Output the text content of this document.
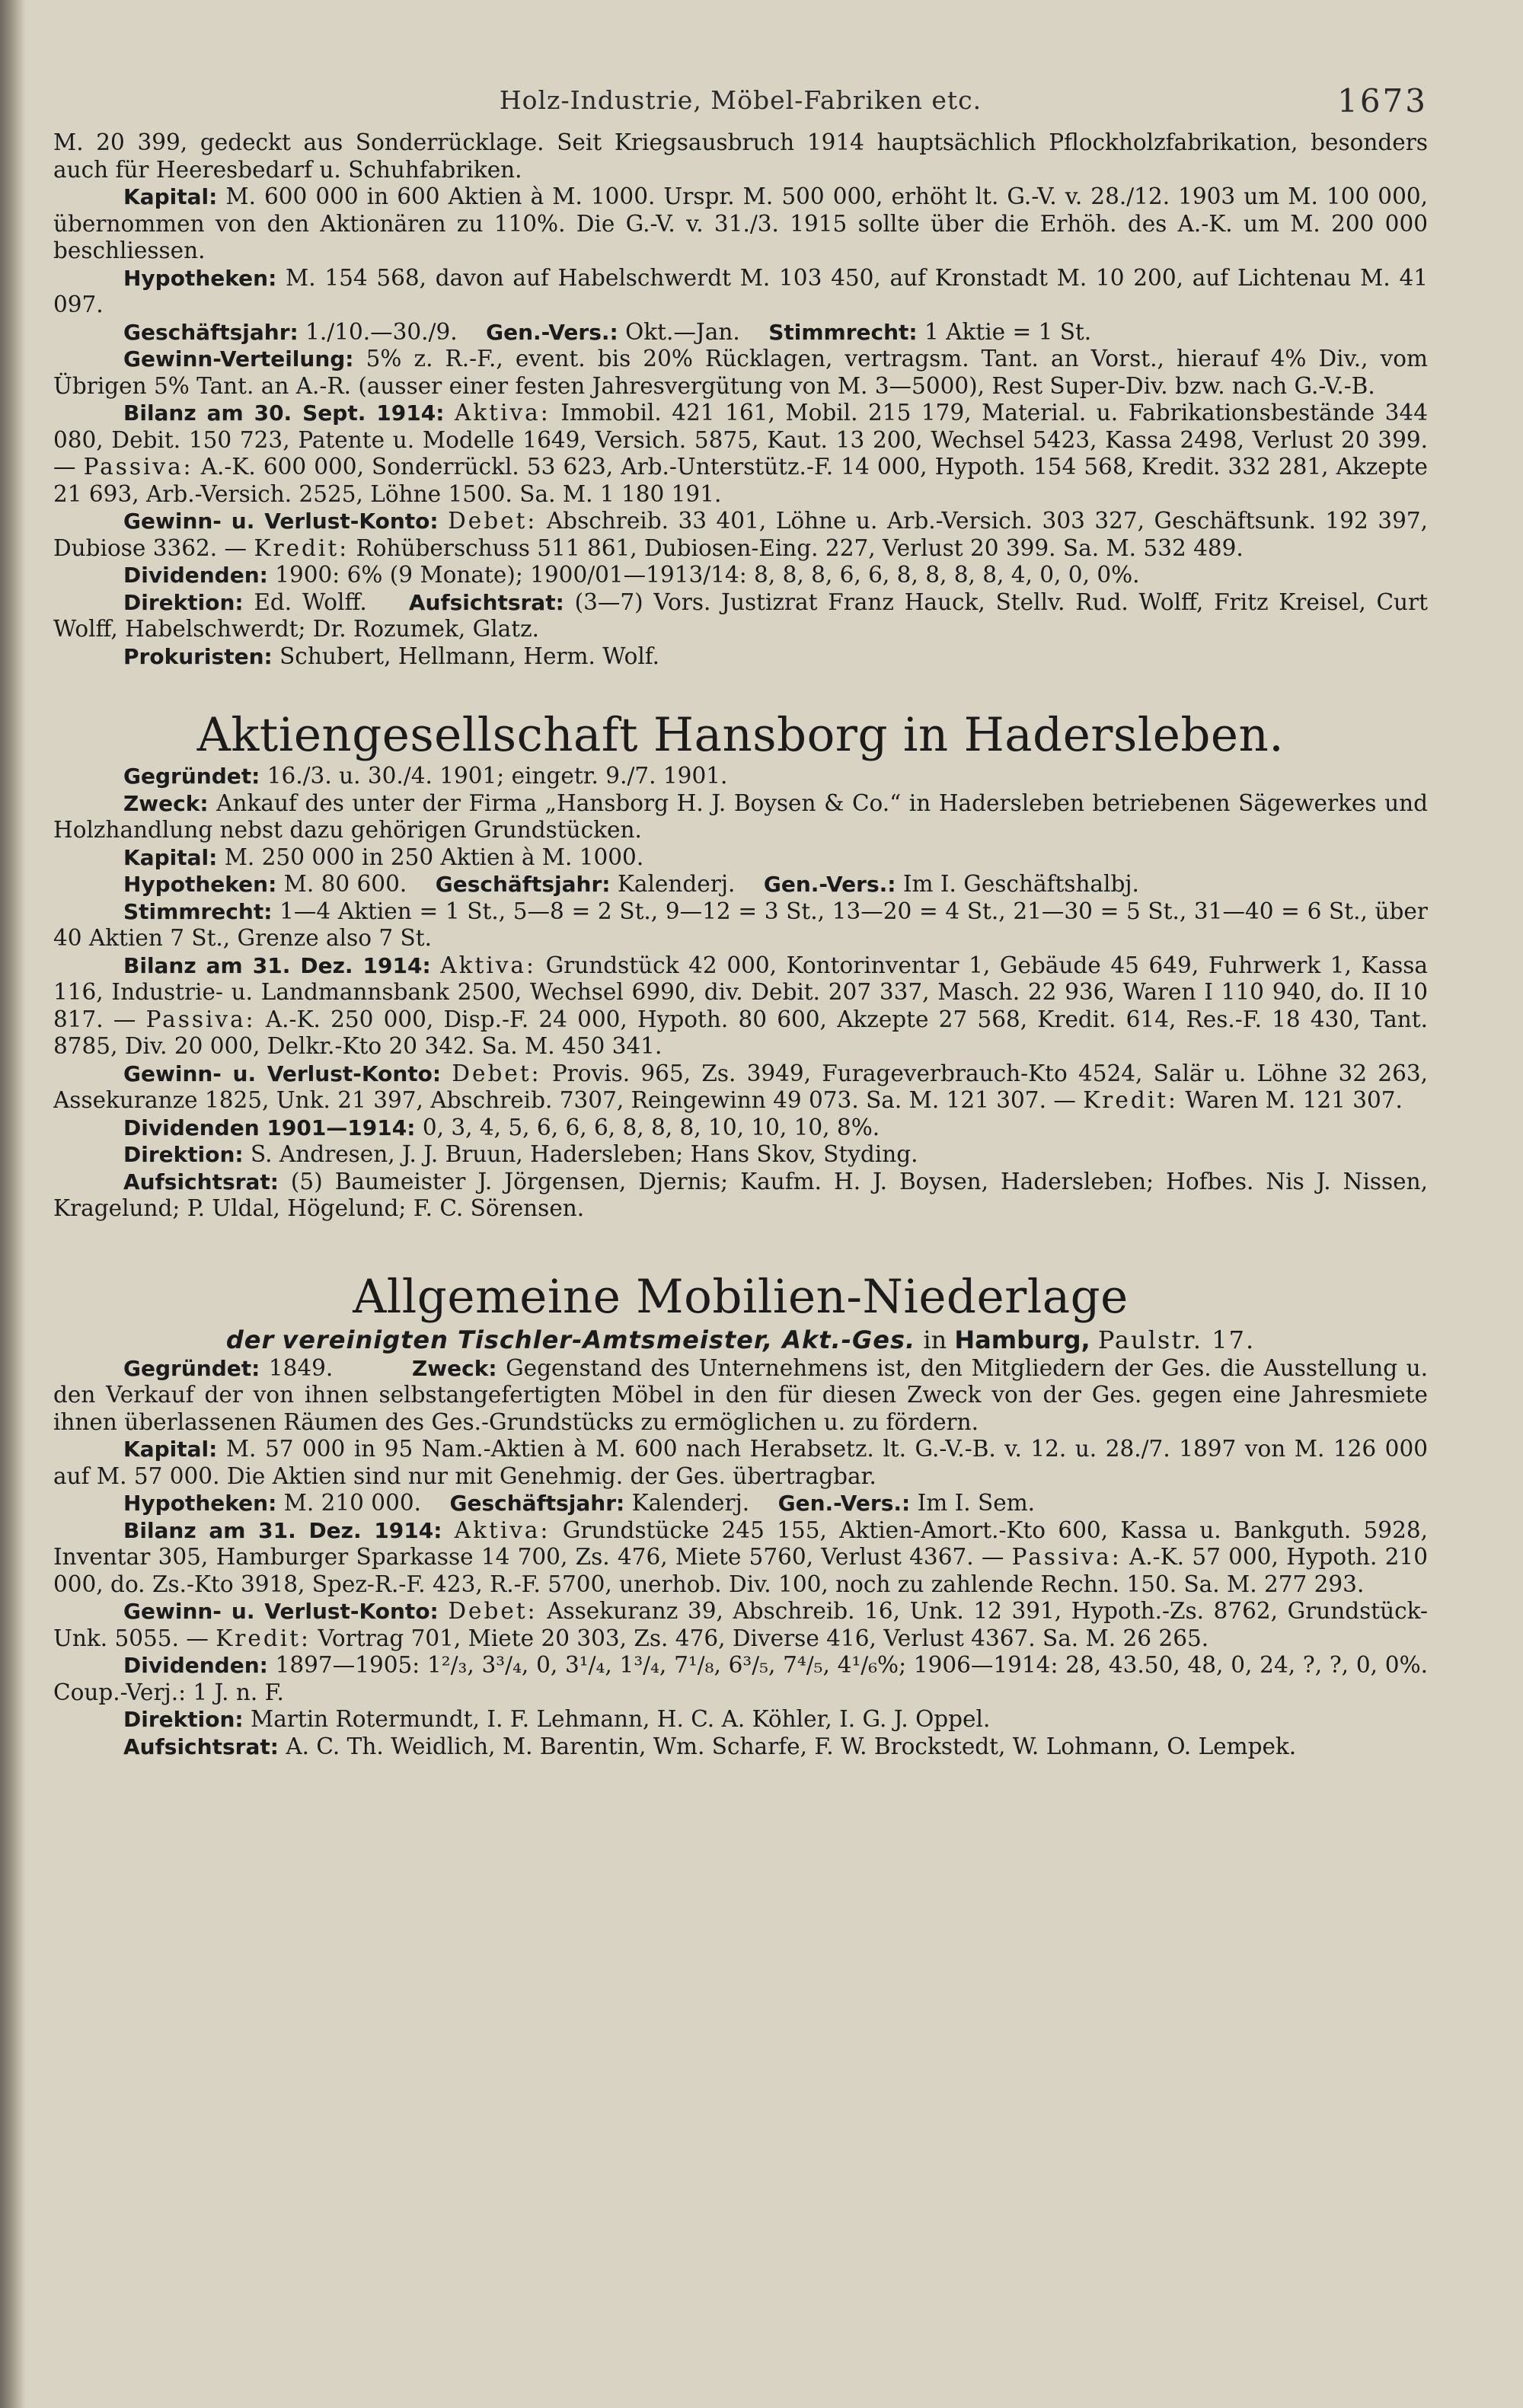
Holz-Industrie, Möbel-Fabriken etc.	1673

M. 20 399, gedeckt aus Sonderrücklage. Seit Kriegsausbruch 1914 hauptsächlich Pflockholzfabrikation, besonders auch für Heeresbedarf u. Schuhfabriken.

Kapital: M. 600 000 in 600 Aktien à M. 1000. Urspr. M. 500 000, erhöht lt. G.-V. v. 28./12. 1903 um M. 100 000, übernommen von den Aktionären zu 110%. Die G.-V. v. 31./3. 1915 sollte über die Erhöh. des A.-K. um M. 200 000 beschliessen.

Hypotheken: M. 154 568, davon auf Habelschwerdt M. 103 450, auf Kronstadt M. 10 200, auf Lichtenau M. 41 097.

Geschäftsjahr: 1./10.—30./9. Gen.-Vers.: Okt.—Jan. Stimmrecht: 1 Aktie = 1 St.

Gewinn-Verteilung: 5% z. R.-F., event. bis 20% Rücklagen, vertragsm. Tant. an Vorst., hierauf 4% Div., vom Übrigen 5% Tant. an A.-R. (ausser einer festen Jahresvergütung von M. 3—5000), Rest Super-Div. bzw. nach G.-V.-B.

Bilanz am 30. Sept. 1914: Aktiva: Immobil. 421 161, Mobil. 215 179, Material. u. Fabrikationsbestände 344 080, Debit. 150 723, Patente u. Modelle 1649, Versich. 5875, Kaut. 13 200, Wechsel 5423, Kassa 2498, Verlust 20 399. — Passiva: A.-K. 600 000, Sonderrückl. 53 623, Arb.-Unterstütz.-F. 14 000, Hypoth. 154 568, Kredit. 332 281, Akzepte 21 693, Arb.-Versich. 2525, Löhne 1500. Sa. M. 1 180 191.

Gewinn- u. Verlust-Konto: Debet: Abschreib. 33 401, Löhne u. Arb.-Versich. 303 327, Geschäftsunk. 192 397, Dubiose 3362. — Kredit: Rohüberschuss 511 861, Dubiosen-Eing. 227, Verlust 20 399. Sa. M. 532 489.

Dividenden: 1900: 6% (9 Monate); 1900/01—1913/14: 8, 8, 8, 6, 6, 8, 8, 8, 8, 4, 0, 0, 0%.

Direktion: Ed. Wolff. Aufsichtsrat: (3—7) Vors. Justizrat Franz Hauck, Stellv. Rud. Wolff, Fritz Kreisel, Curt Wolff, Habelschwerdt; Dr. Rozumek, Glatz.

Prokuristen: Schubert, Hellmann, Herm. Wolf.

Aktiengesellschaft Hansborg in Hadersleben.

Gegründet: 16./3. u. 30./4. 1901; eingetr. 9./7. 1901.

Zweck: Ankauf des unter der Firma „Hansborg H. J. Boysen & Co.“ in Hadersleben betriebenen Sägewerkes und Holzhandlung nebst dazu gehörigen Grundstücken.

Kapital: M. 250 000 in 250 Aktien à M. 1000.

Hypotheken: M. 80 600. Geschäftsjahr: Kalenderj. Gen.-Vers.: Im I. Geschäftshalbj.

Stimmrecht: 1—4 Aktien = 1 St., 5—8 = 2 St., 9—12 = 3 St., 13—20 = 4 St., 21—30 = 5 St., 31—40 = 6 St., über 40 Aktien 7 St., Grenze also 7 St.

Bilanz am 31. Dez. 1914: Aktiva: Grundstück 42 000, Kontorinventar 1, Gebäude 45 649, Fuhrwerk 1, Kassa 116, Industrie- u. Landmannsbank 2500, Wechsel 6990, div. Debit. 207 337, Masch. 22 936, Waren I 110 940, do. II 10 817. — Passiva: A.-K. 250 000, Disp.-F. 24 000, Hypoth. 80 600, Akzepte 27 568, Kredit. 614, Res.-F. 18 430, Tant. 8785, Div. 20 000, Delkr.-Kto 20 342. Sa. M. 450 341.

Gewinn- u. Verlust-Konto: Debet: Provis. 965, Zs. 3949, Furageverbrauch-Kto 4524, Salär u. Löhne 32 263, Assekuranze 1825, Unk. 21 397, Abschreib. 7307, Reingewinn 49 073. Sa. M. 121 307. — Kredit: Waren M. 121 307.

Dividenden 1901—1914: 0, 3, 4, 5, 6, 6, 6, 8, 8, 8, 10, 10, 10, 8%.

Direktion: S. Andresen, J. J. Bruun, Hadersleben; Hans Skov, Styding.

Aufsichtsrat: (5) Baumeister J. Jörgensen, Djernis; Kaufm. H. J. Boysen, Hadersleben; Hofbes. Nis J. Nissen, Kragelund; P. Uldal, Högelund; F. C. Sörensen.

Allgemeine Mobilien-Niederlage
der vereinigten Tischler-Amtsmeister, Akt.-Ges. in Hamburg, Paulstr. 17.

Gegründet: 1849.	Zweck: Gegenstand des Unternehmens ist, den Mitgliedern der Ges. die Ausstellung u. den Verkauf der von ihnen selbstangefertigten Möbel in den für diesen Zweck von der Ges. gegen eine Jahresmiete ihnen überlassenen Räumen des Ges.-Grundstücks zu ermöglichen u. zu fördern.

Kapital: M. 57 000 in 95 Nam.-Aktien à M. 600 nach Herabsetz. lt. G.-V.-B. v. 12. u. 28./7. 1897 von M. 126 000 auf M. 57 000. Die Aktien sind nur mit Genehmig. der Ges. übertragbar.

Hypotheken: M. 210 000. Geschäftsjahr: Kalenderj. Gen.-Vers.: Im I. Sem.

Bilanz am 31. Dez. 1914: Aktiva: Grundstücke 245 155, Aktien-Amort.-Kto 600, Kassa u. Bankguth. 5928, Inventar 305, Hamburger Sparkasse 14 700, Zs. 476, Miete 5760, Verlust 4367. — Passiva: A.-K. 57 000, Hypoth. 210 000, do. Zs.-Kto 3918, Spez-R.-F. 423, R.-F. 5700, unerhob. Div. 100, noch zu zahlende Rechn. 150. Sa. M. 277 293.

Gewinn- u. Verlust-Konto: Debet: Assekuranz 39, Abschreib. 16, Unk. 12 391, Hypoth.-Zs. 8762, Grundstück-Unk. 5055. — Kredit: Vortrag 701, Miete 20 303, Zs. 476, Diverse 416, Verlust 4367. Sa. M. 26 265.

Dividenden: 1897—1905: 1²/₃, 3³/₄, 0, 3¹/₄, 1³/₄, 7¹/₈, 6³/₅, 7⁴/₅, 4¹/₆%; 1906—1914: 28, 43.50, 48, 0, 24, ?, ?, 0, 0%. Coup.-Verj.: 1 J. n. F.

Direktion: Martin Rotermundt, I. F. Lehmann, H. C. A. Köhler, I. G. J. Oppel.

Aufsichtsrat: A. C. Th. Weidlich, M. Barentin, Wm. Scharfe, F. W. Brockstedt, W. Lohmann, O. Lempek.
